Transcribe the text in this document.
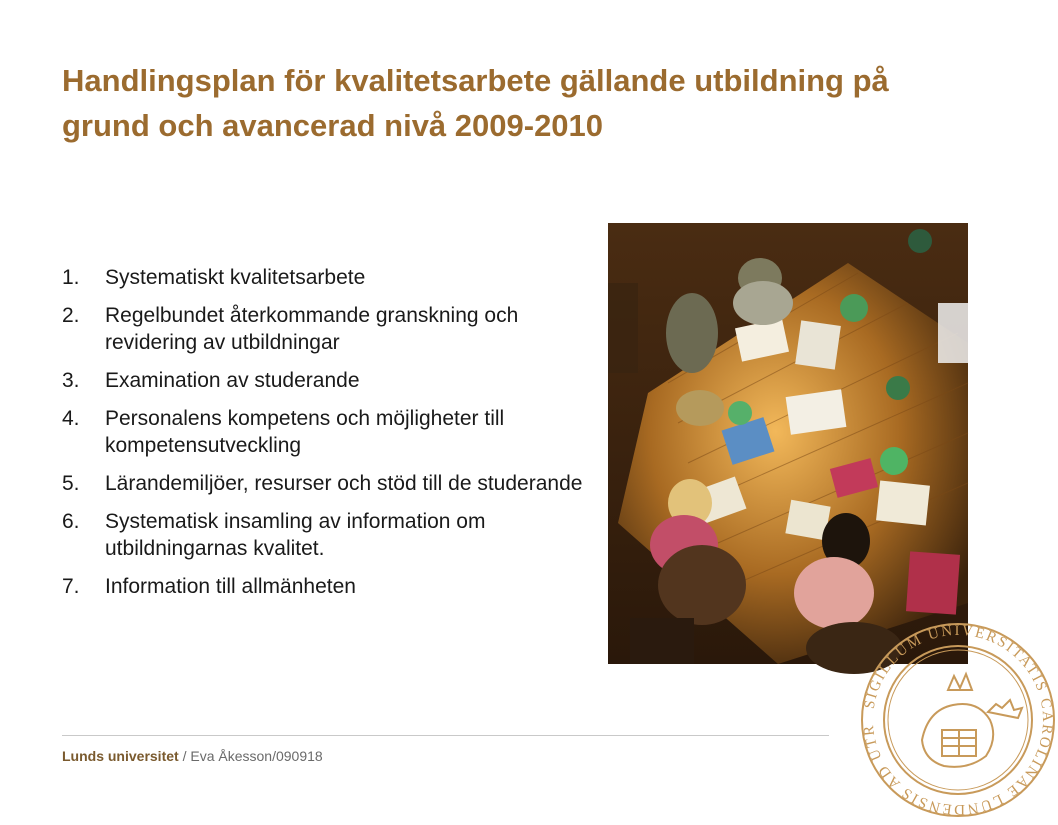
Handlingsplan för kvalitetsarbete gällande utbildning på grund och avancerad nivå 2009-2010
1.	Systematiskt kvalitetsarbete
2.	Regelbundet återkommande granskning och revidering av utbildningar
3.	Examination av studerande
4.	Personalens kompetens och möjligheter till kompetensutveckling
5.	Lärandemiljöer, resurser och stöd till de studerande
6.	Systematisk insamling av information om utbildningarnas kvalitet.
7.	Information till allmänheten
SIGILLUM UNIVERSITATIS CAROLINAE LUNDENSIS AD UTR
Lunds universitet / Eva Åkesson/090918
